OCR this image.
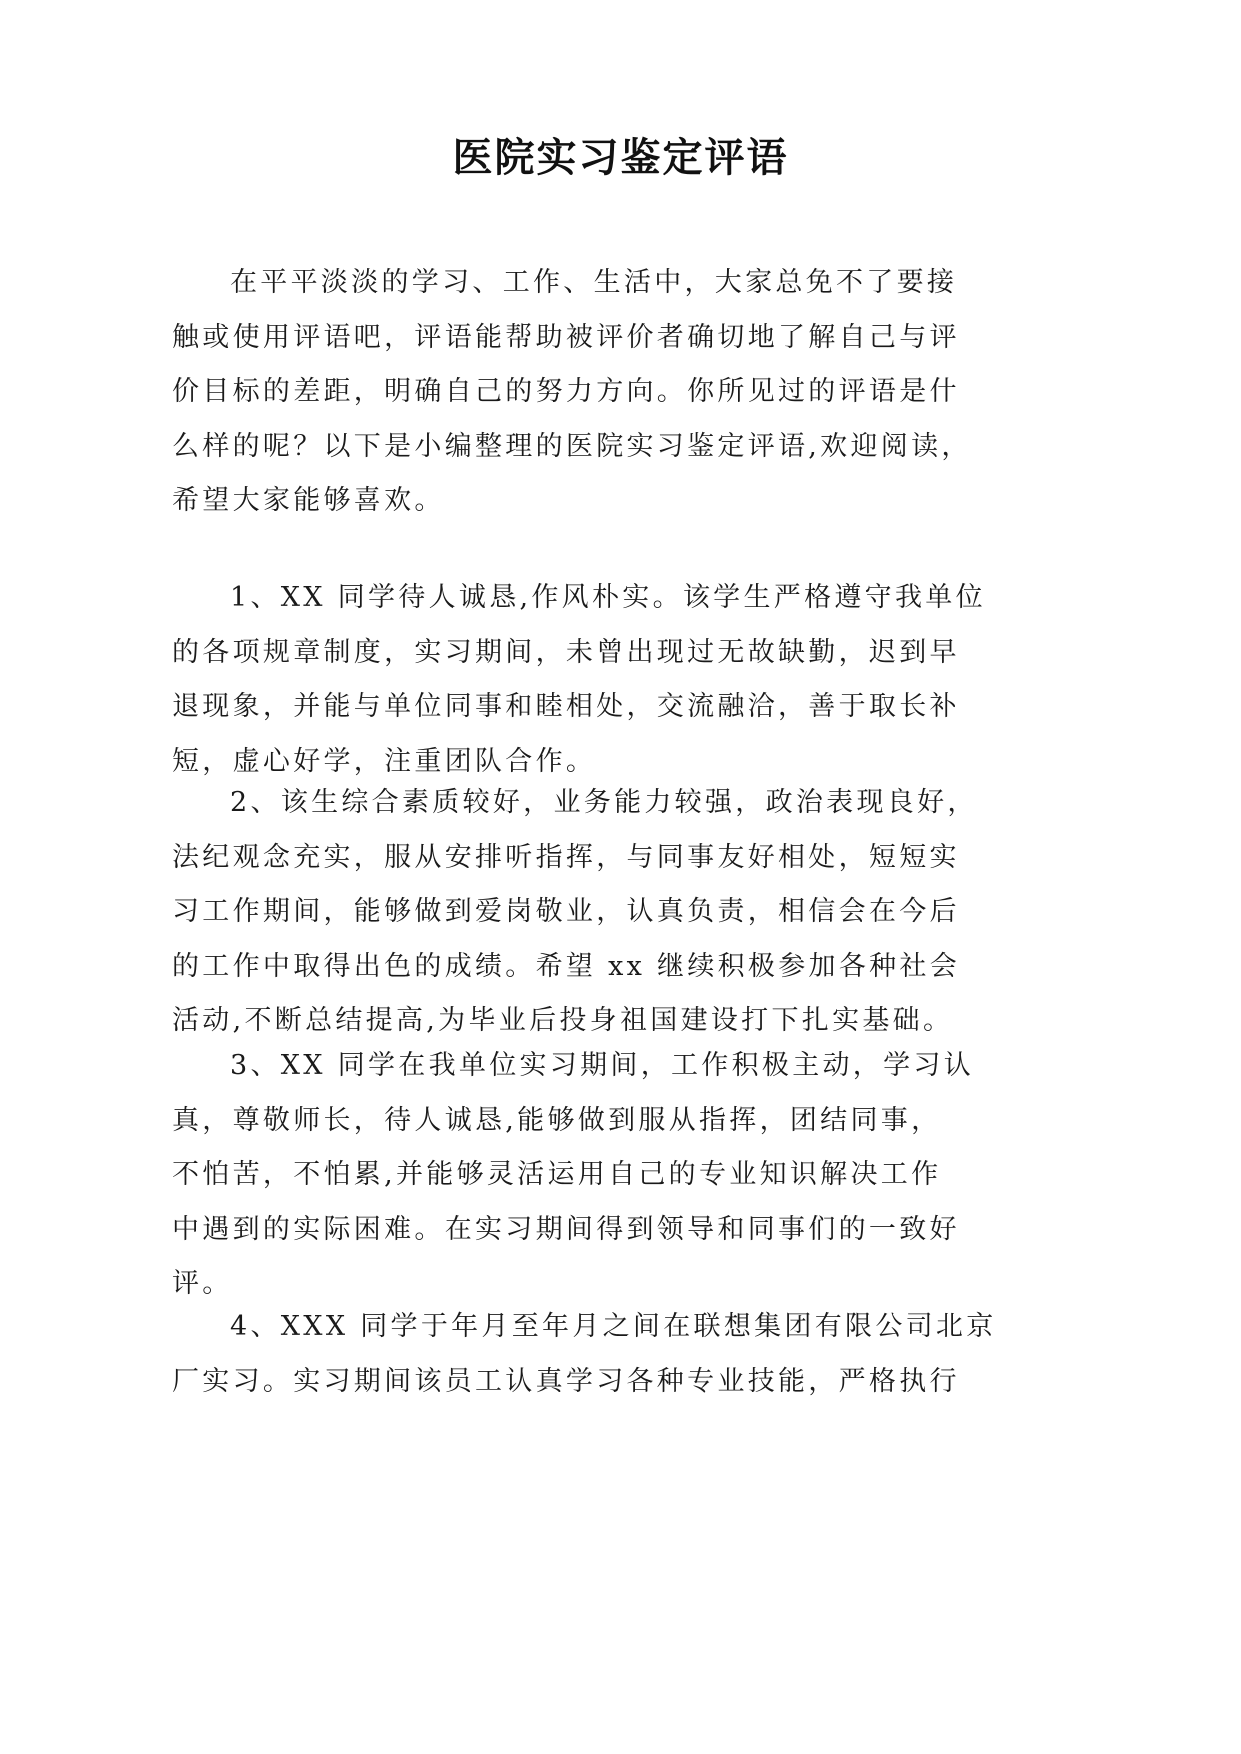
医院实习鉴定评语
在平平淡淡的学习、工作、生活中，大家总免不了要接
触或使用评语吧，评语能帮助被评价者确切地了解自己与评
价目标的差距，明确自己的努力方向。你所见过的评语是什
么样的呢？以下是小编整理的医院实习鉴定评语,欢迎阅读，
希望大家能够喜欢。
1、XX 同学待人诚恳,作风朴实。该学生严格遵守我单位
的各项规章制度，实习期间，未曾出现过无故缺勤，迟到早
退现象，并能与单位同事和睦相处，交流融洽，善于取长补
短，虚心好学，注重团队合作。
2、该生综合素质较好，业务能力较强，政治表现良好，
法纪观念充实，服从安排听指挥，与同事友好相处，短短实
习工作期间，能够做到爱岗敬业，认真负责，相信会在今后
的工作中取得出色的成绩。希望 xx 继续积极参加各种社会
活动,不断总结提高,为毕业后投身祖国建设打下扎实基础。
3、XX 同学在我单位实习期间，工作积极主动，学习认
真，尊敬师长，待人诚恳,能够做到服从指挥，团结同事，
不怕苦，不怕累,并能够灵活运用自己的专业知识解决工作
中遇到的实际困难。在实习期间得到领导和同事们的一致好
评。
4、XXX 同学于年月至年月之间在联想集团有限公司北京
厂实习。实习期间该员工认真学习各种专业技能，严格执行
